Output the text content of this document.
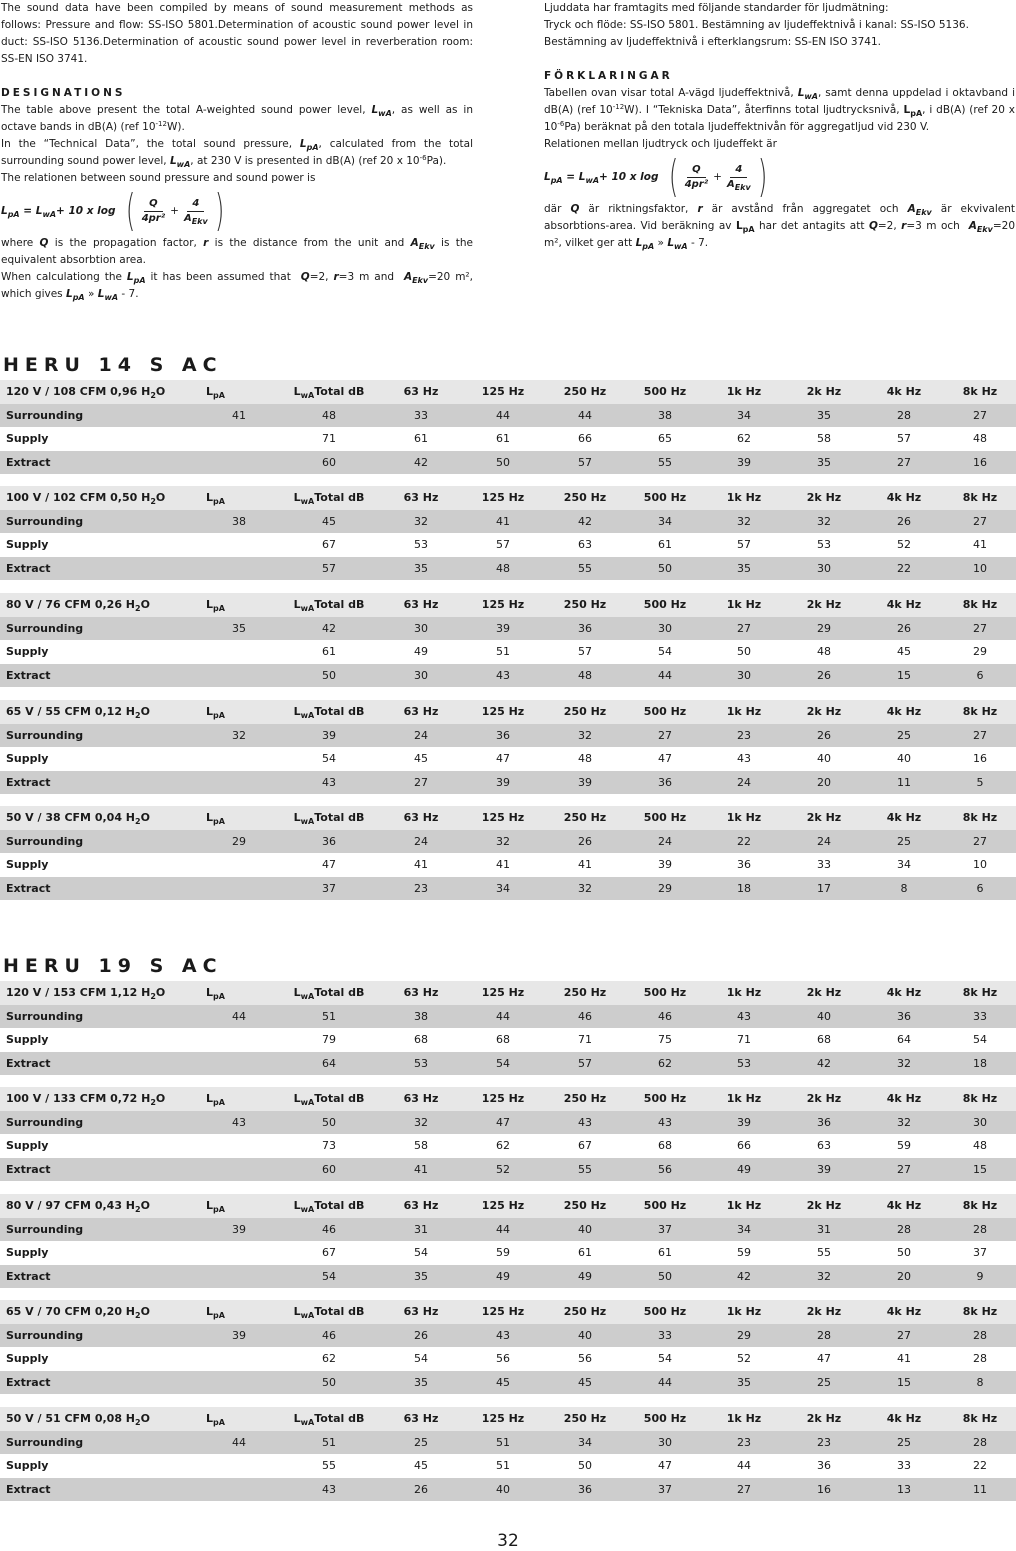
The sound data have been compiled by means of sound measurement methods as follows: Pressure and flow: SS-ISO 5801.Determination of acoustic sound power level in duct: SS-ISO 5136.Determination of acoustic sound power level in reverberation room: SS-EN ISO 3741.

DESIGNATIONS

The table above present the total A-weighted sound power level, $L_{wA}$, as well as in octave bands in dB(A) (ref $10^{-12}W$).

In the “Technical Data”, the total sound pressure, $L_{pA}$, calculated from the total surrounding sound power level, $L_{wA}$, at 230 V is presented in dB(A) (ref 20 x $10^{-6}Pa$).

The relationen between sound pressure and sound power is

$L_{pA} = L_{wA}+ 10$ x log ( $\frac{Q}{\text{4pr²}} + \frac{4}{A_{Ekv}}$ )

where Q is the propagation factor, r is the distance from the unit and $A_{Ekv}$ is the equivalent absorbtion area.

When calculationg the $L_{pA}$ it has been assumed that Q=2, r=3 m and $A_{Ekv}=20$ m², which gives $L_{pA}$ » $L_{wA} - 7$.

Ljuddata har framtagits med följande standarder för ljudmätning:

Tryck och flöde: SS-ISO 5801. Bestämning av ljudeffektnivå i kanal: SS-ISO 5136.

Bestämning av ljudeffektnivå i efterklangsrum: SS-EN ISO 3741.

FÖRKLARINGAR

Tabellen ovan visar total A-vägd ljudeffektnivå, $L_{wA}$, samt denna uppdelad i oktavband i dB(A) (ref $10^{-12}W$). I “Tekniska Data”, återfinns total ljudtrycksnivå, $L_{pA}$, i dB(A) (ref 20 x $10^{-6}Pa$) beräknat på den totala ljudeffektnivån för aggregatljud vid 230 V.

Relationen mellan ljudtryck och ljudeffekt är

$L_{pA} = L_{wA}+ 10$ x log ( $\frac{Q}{\text{4pr²}} + \frac{4}{A_{Ekv}}$ )

där Q är riktningsfaktor, r är avstånd från aggregatet och $A_{Ekv}$ är ekvivalent absorbtions-area. Vid beräkning av $L_{pA}$ har det antagits att Q=2, r=3 m och $A_{Ekv}=20$ m², vilket ger att $L_{pA}$ » $L_{wA} - 7$.

HERU 14 S AC
HERU 19 S AC
120 V / 108 CFM 0,96 $H_2O$	$L_{pA}$	$L_{wA}Total$ dB	63 Hz	125 Hz	250 Hz	500 Hz	1k Hz	2k Hz	4k Hz	8k Hz	
Surrounding	41	48	33	44	44	38	34	35	28	27	
Supply		71	61	61	66	65	62	58	57	48	
Extract		60	42	50	57	55	39	35	27	16	
100 V / 102 CFM 0,50 $H_2O$	$L_{pA}$	$L_{wA}Total$ dB	63 Hz	125 Hz	250 Hz	500 Hz	1k Hz	2k Hz	4k Hz	8k Hz	
Surrounding	38	45	32	41	42	34	32	32	26	27	
Supply		67	53	57	63	61	57	53	52	41	
Extract		57	35	48	55	50	35	30	22	10	
80 V / 76 CFM 0,26 $H_2O$	$L_{pA}$	$L_{wA}Total$ dB	63 Hz	125 Hz	250 Hz	500 Hz	1k Hz	2k Hz	4k Hz	8k Hz	
Surrounding	35	42	30	39	36	30	27	29	26	27	
Supply		61	49	51	57	54	50	48	45	29	
Extract		50	30	43	48	44	30	26	15	6	
65 V / 55 CFM 0,12 $H_2O$	$L_{pA}$	$L_{wA}Total$ dB	63 Hz	125 Hz	250 Hz	500 Hz	1k Hz	2k Hz	4k Hz	8k Hz	
Surrounding	32	39	24	36	32	27	23	26	25	27	
Supply		54	45	47	48	47	43	40	40	16	
Extract		43	27	39	39	36	24	20	11	5	
50 V / 38 CFM 0,04 $H_2O$	$L_{pA}$	$L_{wA}Total$ dB	63 Hz	125 Hz	250 Hz	500 Hz	1k Hz	2k Hz	4k Hz	8k Hz	
Surrounding	29	36	24	32	26	24	22	24	25	27	
Supply		47	41	41	41	39	36	33	34	10	
Extract		37	23	34	32	29	18	17	8	6	
120 V / 153 CFM 1,12 $H_2O$	$L_{pA}$	$L_{wA}Total$ dB	63 Hz	125 Hz	250 Hz	500 Hz	1k Hz	2k Hz	4k Hz	8k Hz	
Surrounding	44	51	38	44	46	46	43	40	36	33	
Supply		79	68	68	71	75	71	68	64	54	
Extract		64	53	54	57	62	53	42	32	18	
100 V / 133 CFM 0,72 $H_2O$	$L_{pA}$	$L_{wA}Total$ dB	63 Hz	125 Hz	250 Hz	500 Hz	1k Hz	2k Hz	4k Hz	8k Hz	
Surrounding	43	50	32	47	43	43	39	36	32	30	
Supply		73	58	62	67	68	66	63	59	48	
Extract		60	41	52	55	56	49	39	27	15	
80 V / 97 CFM 0,43 $H_2O$	$L_{pA}$	$L_{wA}Total$ dB	63 Hz	125 Hz	250 Hz	500 Hz	1k Hz	2k Hz	4k Hz	8k Hz	
Surrounding	39	46	31	44	40	37	34	31	28	28	
Supply		67	54	59	61	61	59	55	50	37	
Extract		54	35	49	49	50	42	32	20	9	
65 V / 70 CFM 0,20 $H_2O$	$L_{pA}$	$L_{wA}Total$ dB	63 Hz	125 Hz	250 Hz	500 Hz	1k Hz	2k Hz	4k Hz	8k Hz	
Surrounding	39	46	26	43	40	33	29	28	27	28	
Supply		62	54	56	56	54	52	47	41	28	
Extract		50	35	45	45	44	35	25	15	8	
50 V / 51 CFM 0,08 $H_2O$	$L_{pA}$	$L_{wA}Total$ dB	63 Hz	125 Hz	250 Hz	500 Hz	1k Hz	2k Hz	4k Hz	8k Hz	
Surrounding	44	51	25	51	34	30	23	23	25	28	
Supply		55	45	51	50	47	44	36	33	22	
Extract		43	26	40	36	37	27	16	13	11	
32
